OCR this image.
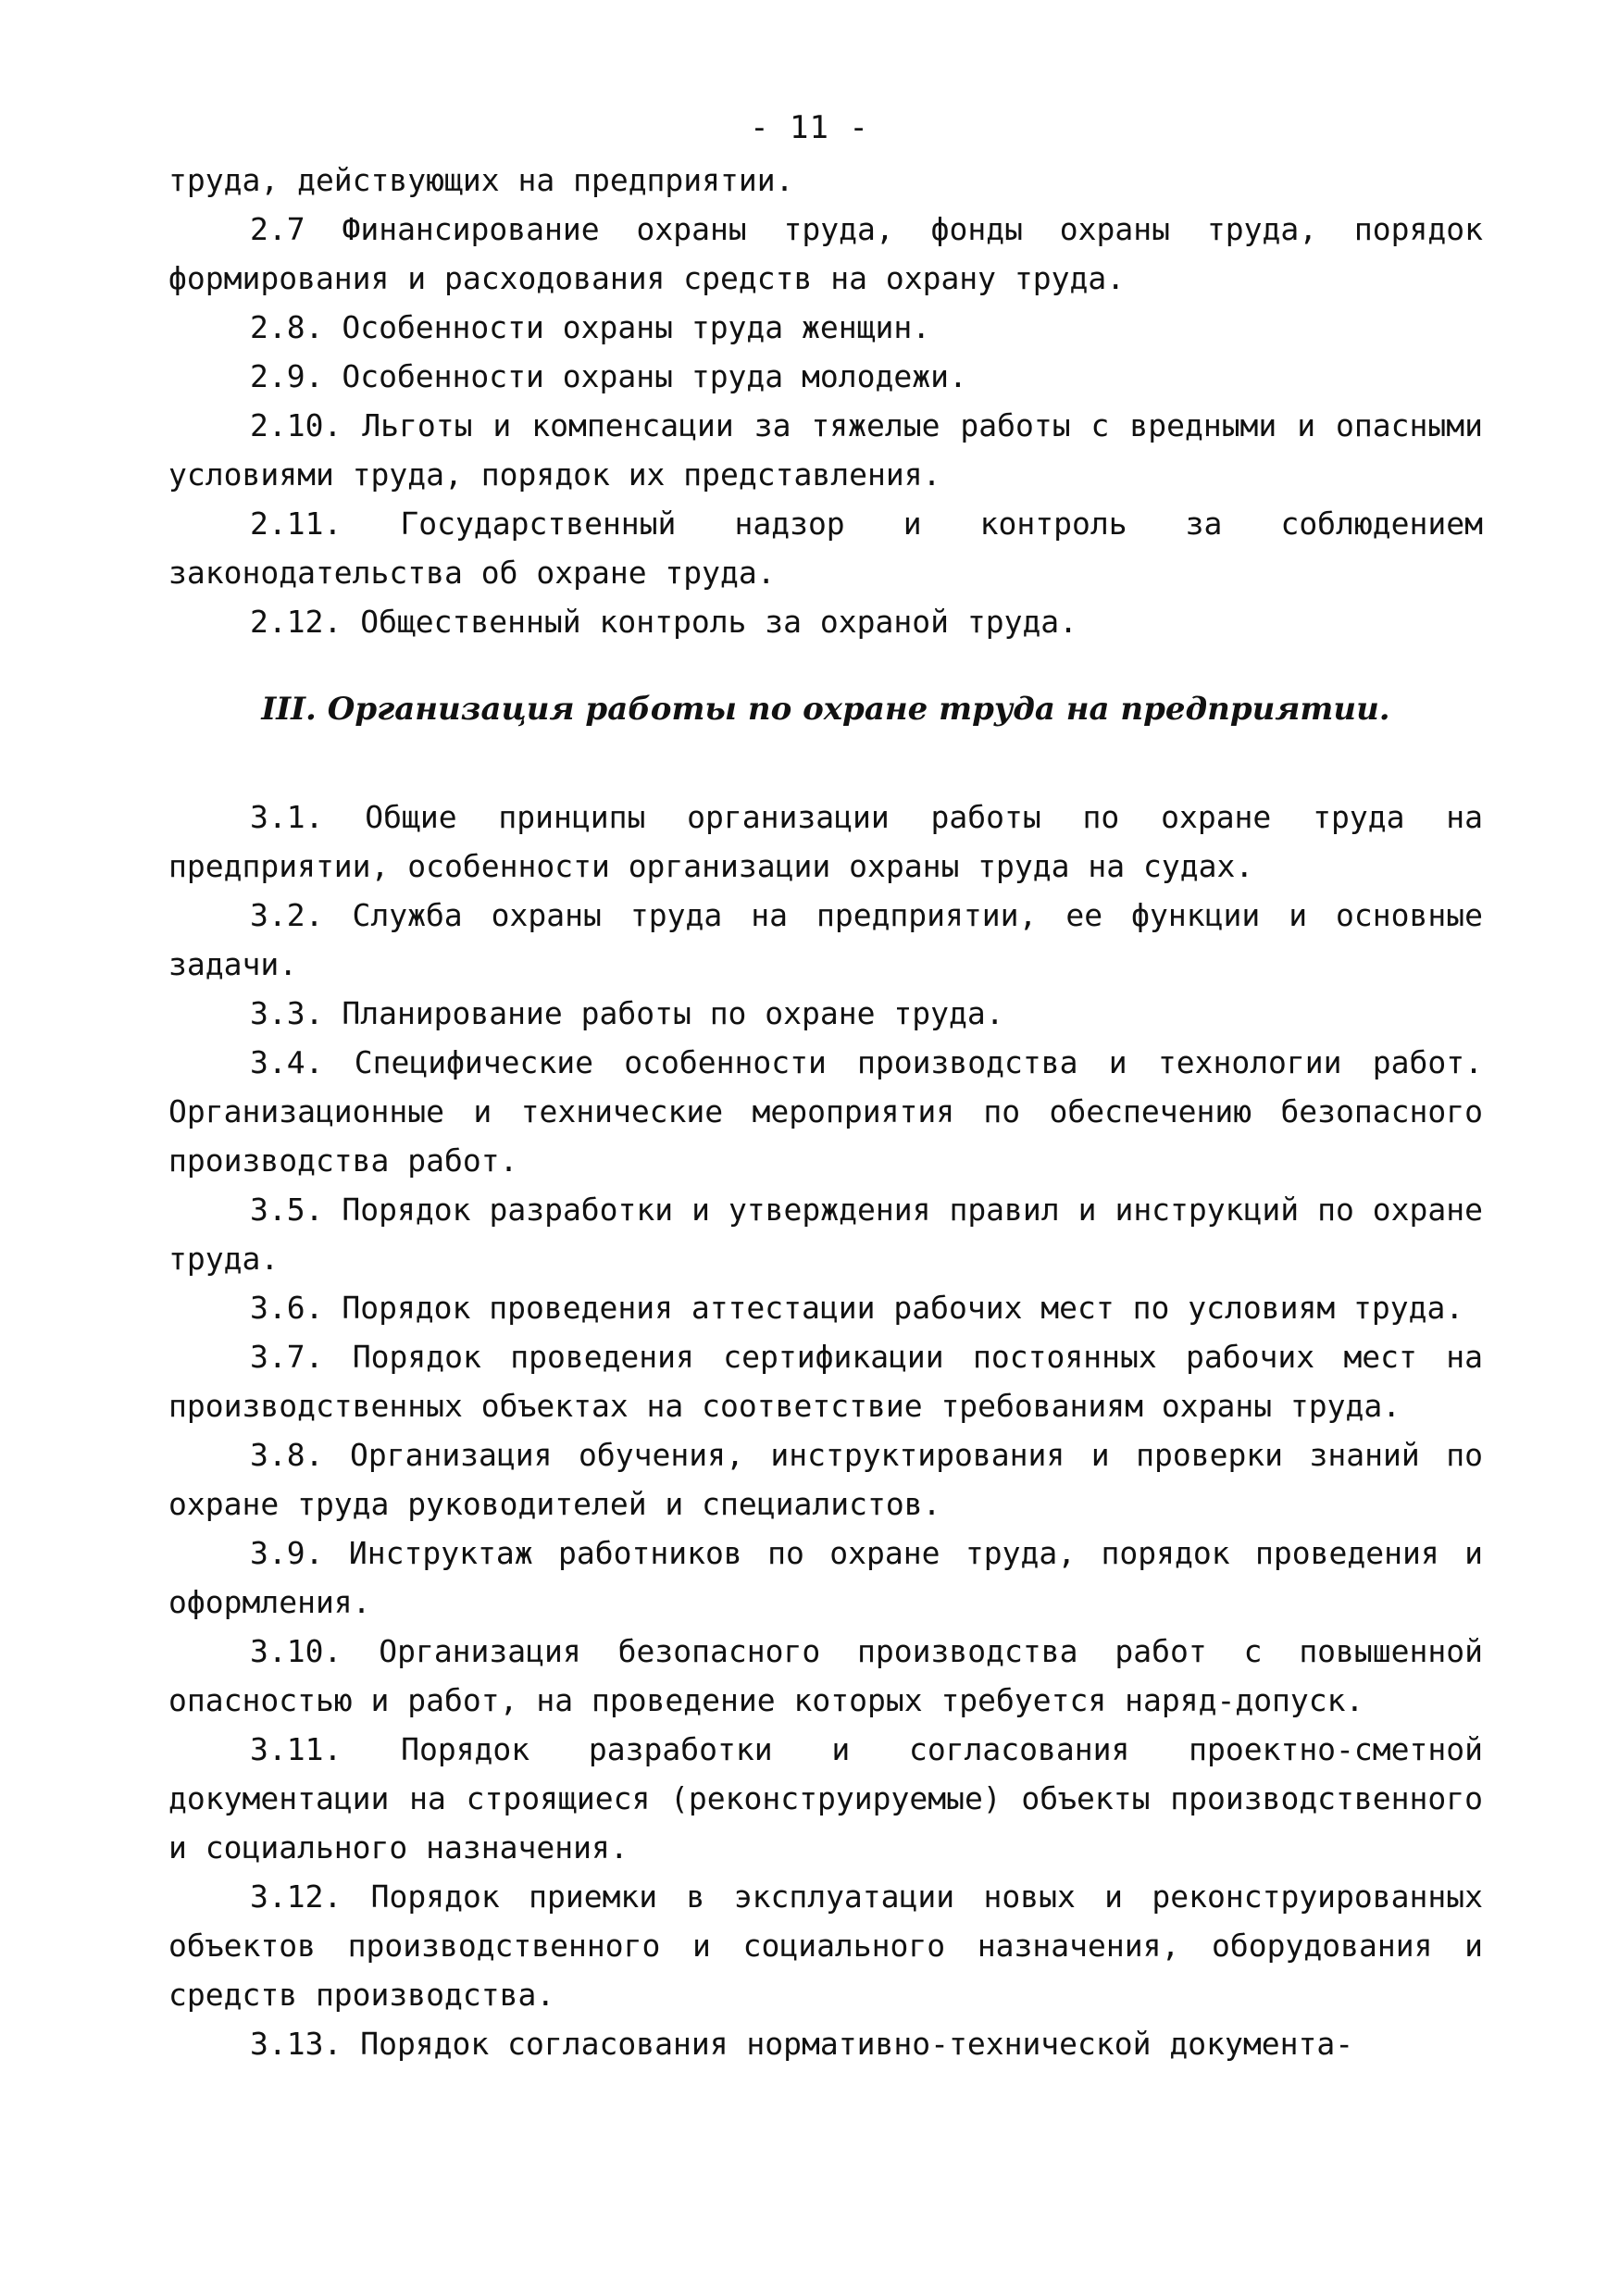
- 11 -

труда, действующих на предприятии.

2.7 Финансирование охраны труда, фонды охраны труда, порядок формирования и расходования средств на охрану труда.

2.8. Особенности охраны труда женщин.

2.9. Особенности охраны труда молодежи.

2.10. Льготы и компенсации за тяжелые работы с вредными и опасными условиями труда, порядок их представления.

2.11. Государственный надзор и контроль за соблюдением законодательства об охране труда.

2.12. Общественный контроль за охраной труда.

III. Организация работы по охране труда на предприятии.

3.1. Общие принципы организации работы по охране труда на предприятии, особенности организации охраны труда на судах.

3.2. Служба охраны труда на предприятии, ее функции и основные задачи.

3.3. Планирование работы по охране труда.

3.4. Специфические особенности производства и технологии работ. Организационные и технические мероприятия по обеспечению безопасного производства работ.

3.5. Порядок разработки и утверждения правил и инструкций по охране труда.

3.6. Порядок проведения аттестации рабочих мест по условиям труда.

3.7. Порядок проведения сертификации постоянных рабочих мест на производственных объектах на соответствие требованиям охраны труда.

3.8. Организация обучения, инструктирования и проверки знаний по охране труда руководителей и специалистов.

3.9. Инструктаж работников по охране труда, порядок проведения и оформления.

3.10. Организация безопасного производства работ с повышенной опасностью и работ, на проведение которых требуется наряд-допуск.

3.11. Порядок разработки и согласования проектно-сметной документации на строящиеся (реконструируемые) объекты производственного и социального назначения.

3.12. Порядок приемки в эксплуатации новых и реконструированных объектов производственного и социального назначения, оборудования и средств производства.

3.13. Порядок согласования нормативно-технической документа-
